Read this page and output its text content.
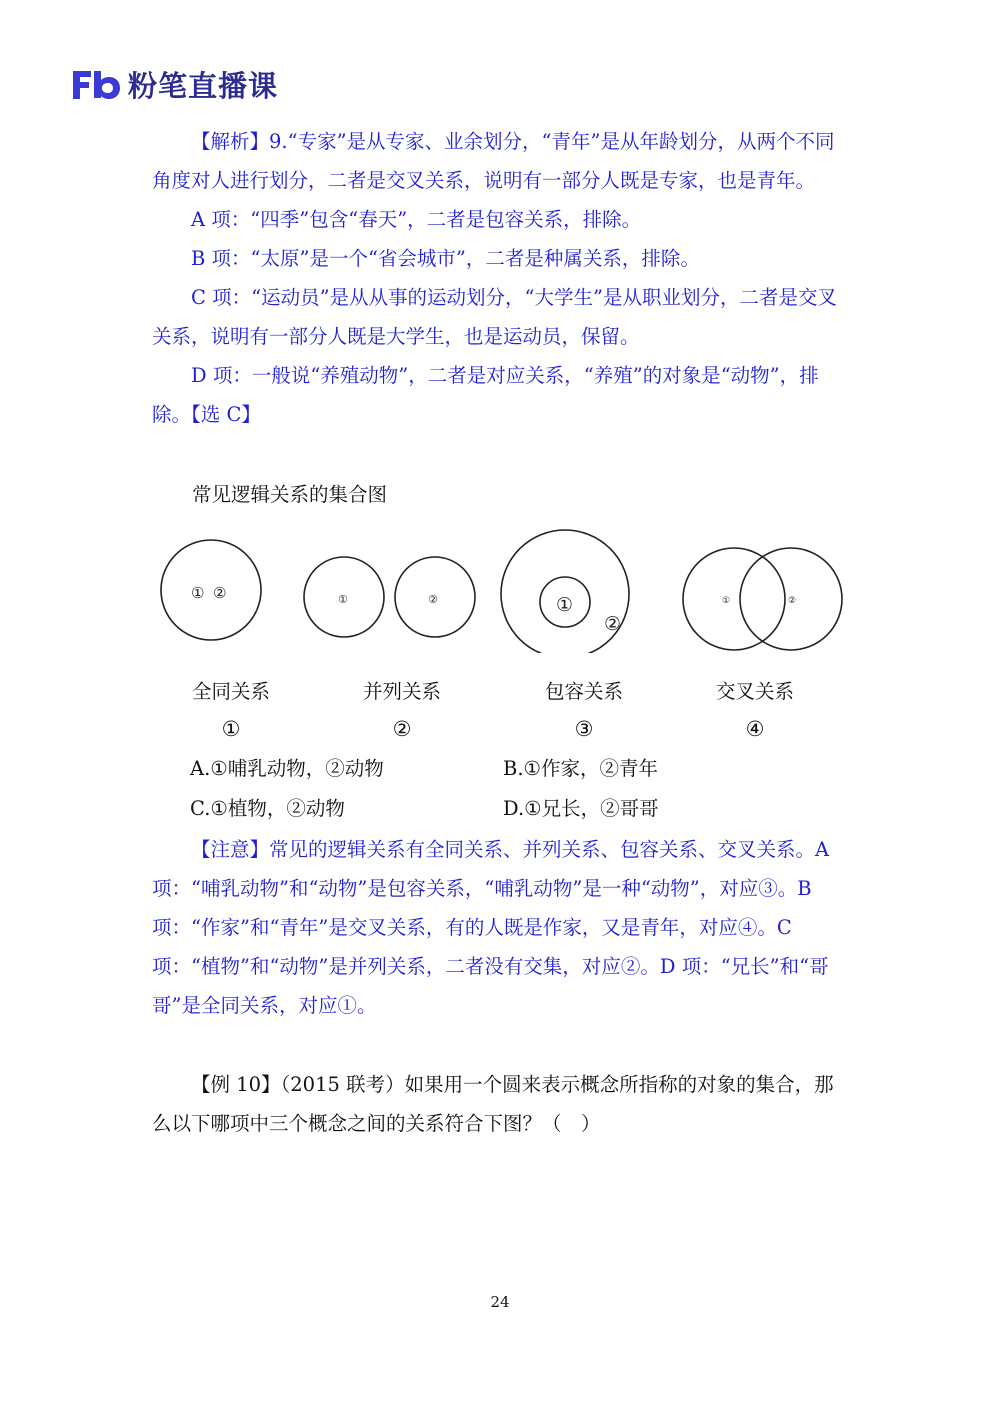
粉笔直播课
【解析】9.“专家”是从专家、业余划分，“青年”是从年龄划分，从两个不同角度对人进行划分，二者是交叉关系，说明有一部分人既是专家，也是青年。
A 项：“四季”包含“春天”，二者是包容关系，排除。
B 项：“太原”是一个“省会城市”，二者是种属关系，排除。
C 项：“运动员”是从从事的运动划分，“大学生”是从职业划分，二者是交叉关系，说明有一部分人既是大学生，也是运动员，保留。
D 项：一般说“养殖动物”，二者是对应关系，“养殖”的对象是“动物”，排除。【选 C】
常见逻辑关系的集合图
① ②	①	②	①
②
①	②
全同关系	并列关系	包容关系	交叉关系
①	②	③	④
A.①哺乳动物，②动物	B.①作家，②青年
C.①植物，②动物	D.①兄长，②哥哥
【注意】常见的逻辑关系有全同关系、并列关系、包容关系、交叉关系。A 项：“哺乳动物”和“动物”是包容关系，“哺乳动物”是一种“动物”，对应③。B 项：“作家”和“青年”是交叉关系，有的人既是作家，又是青年，对应④。C 项：“植物”和“动物”是并列关系，二者没有交集，对应②。D 项：“兄长”和“哥哥”是全同关系，对应①。
【例 10】（2015 联考）如果用一个圆来表示概念所指称的对象的集合，那么以下哪项中三个概念之间的关系符合下图？（　）
24
